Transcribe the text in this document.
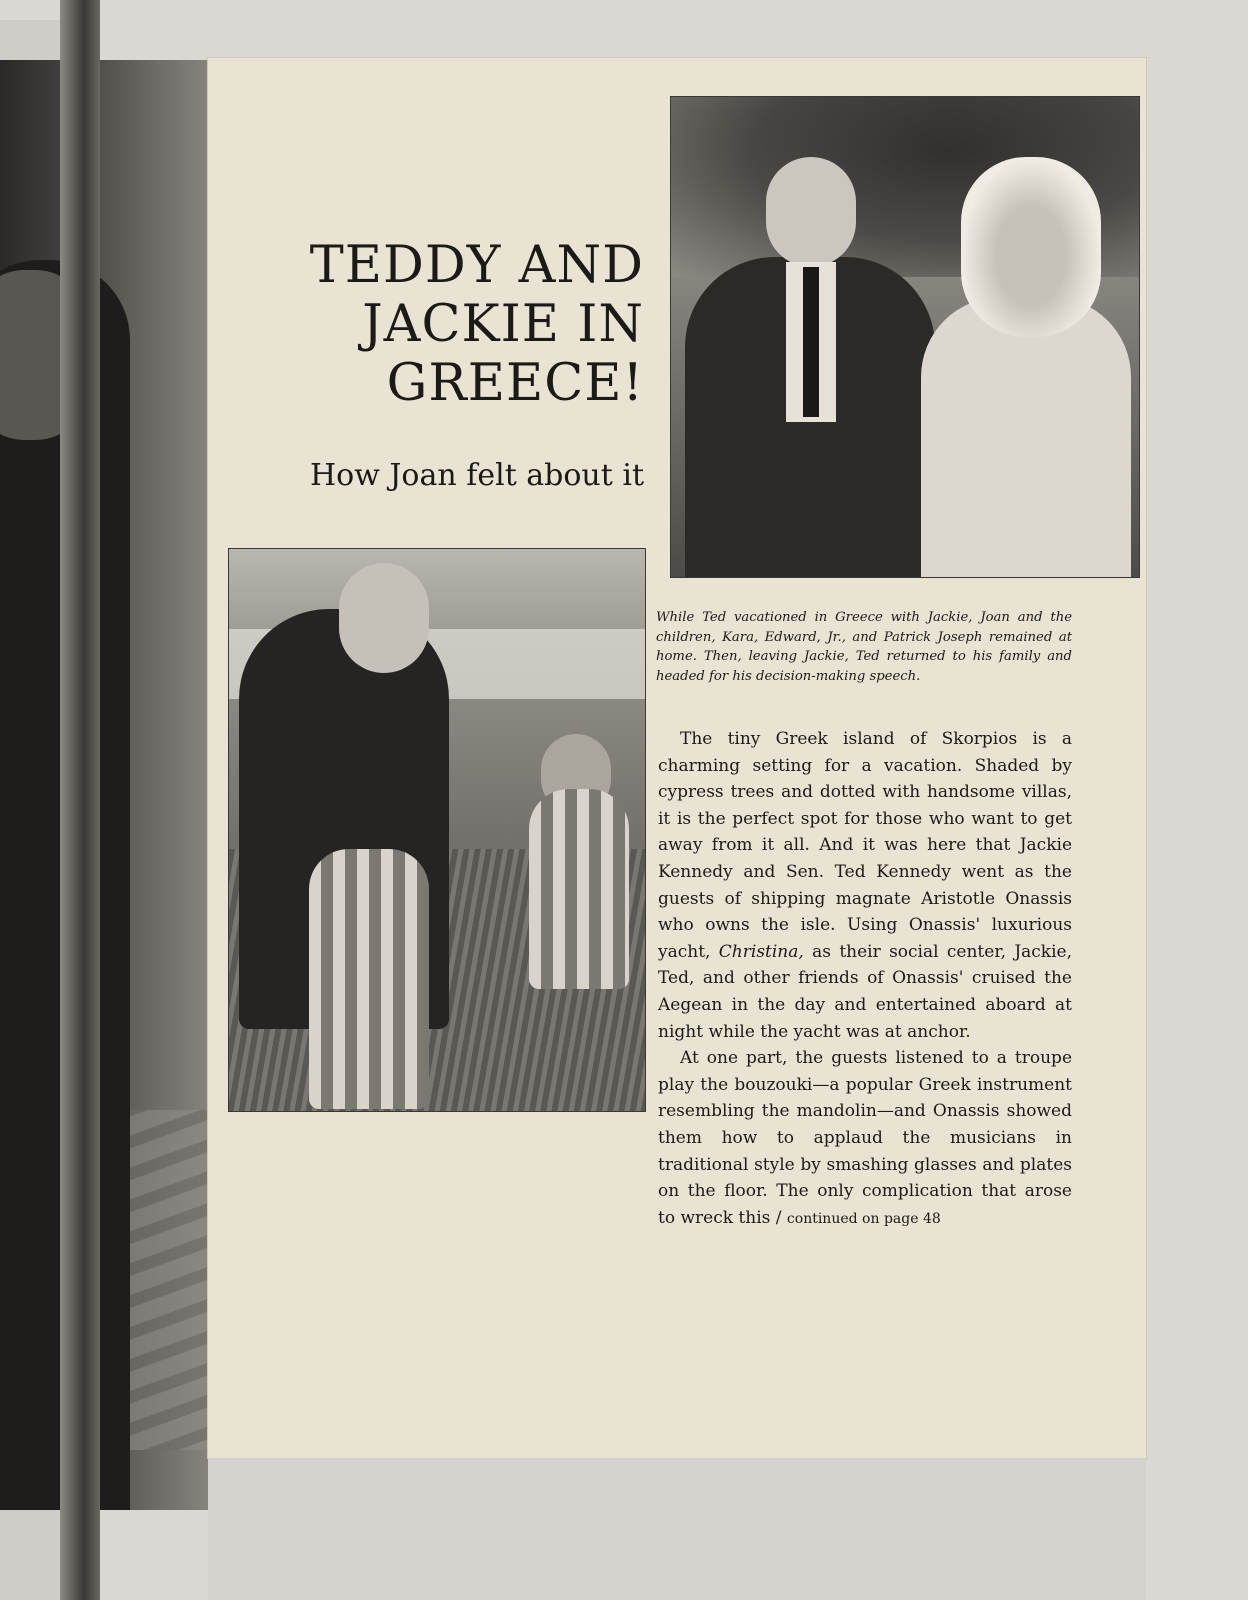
TEDDY AND
JACKIE IN
GREECE!
How Joan felt about it
While Ted vacationed in Greece with Jackie, Joan and the children, Kara, Edward, Jr., and Patrick Joseph remained at home. Then, leaving Jackie, Ted returned to his family and headed for his decision-making speech.

The tiny Greek island of Skorpios is a charming setting for a vacation. Shaded by cypress trees and dotted with handsome villas, it is the perfect spot for those who want to get away from it all. And it was here that Jackie Kennedy and Sen. Ted Kennedy went as the guests of shipping magnate Aristotle Onassis who owns the isle. Using Onassis' luxurious yacht, Christina, as their social center, Jackie, Ted, and other friends of Onassis' cruised the Aegean in the day and entertained aboard at night while the yacht was at anchor.

At one part, the guests listened to a troupe play the bouzouki—a popular Greek instrument resembling the mandolin—and Onassis showed them how to applaud the musicians in traditional style by smashing glasses and plates on the floor. The only complication that arose to wreck this / continued on page 48
